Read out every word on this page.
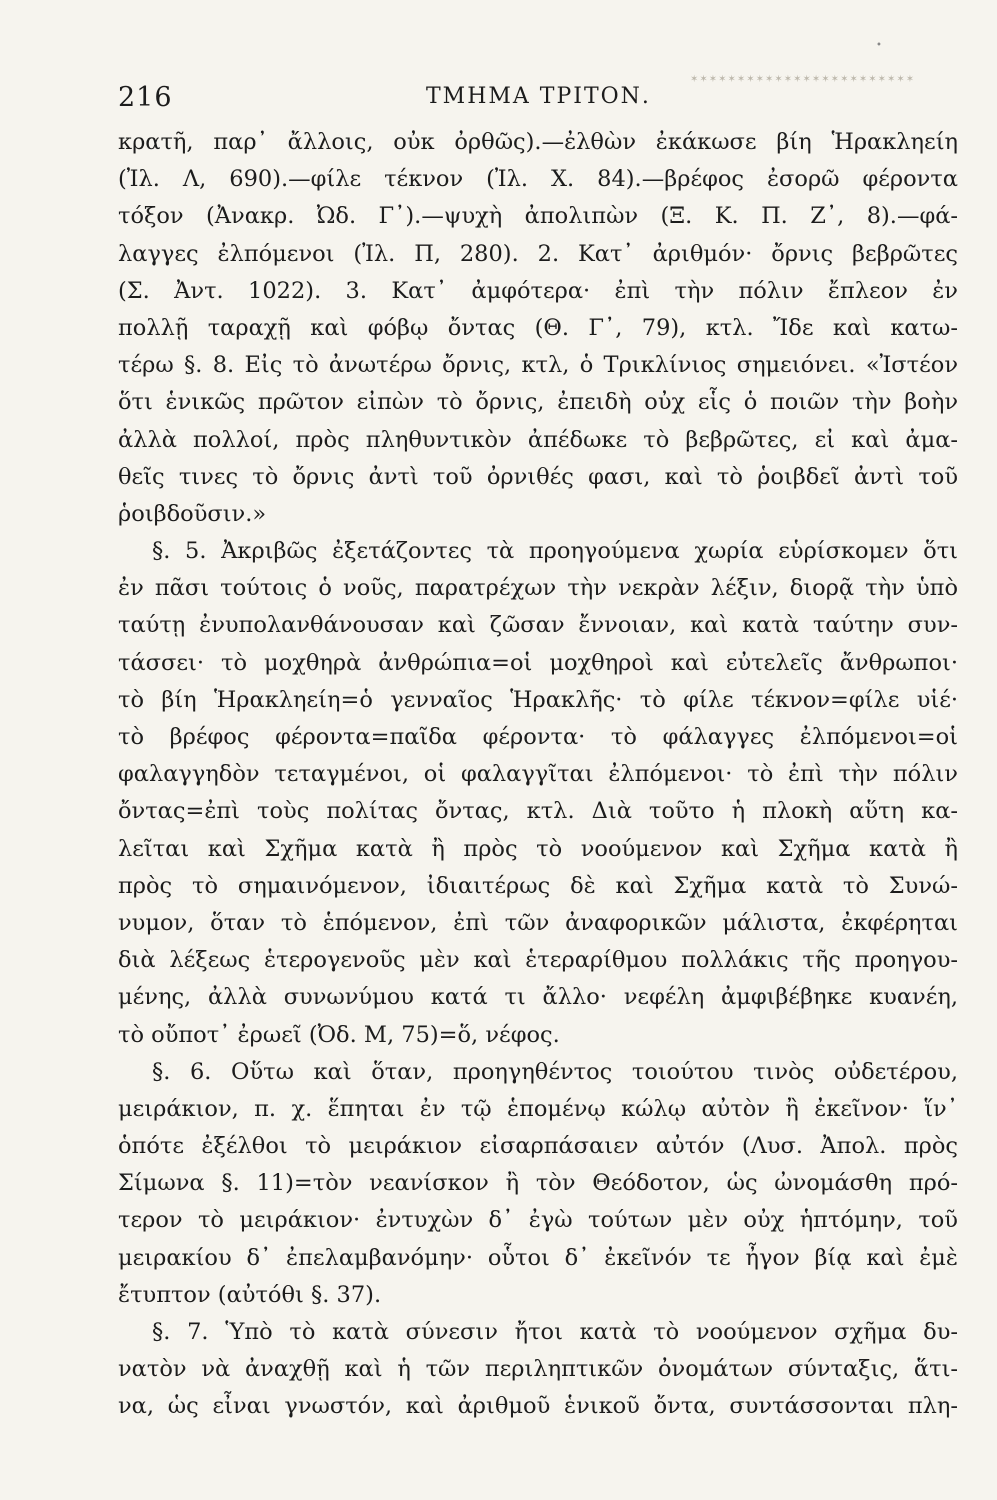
•
216	ΤΜΗΜΑ ΤΡΙΤΟΝ.
✶✶✶✶✶✶✶✶✶✶✶✶✶✶✶✶✶✶✶✶✶✶✶✶
κρατῆ, παρ᾽ ἄλλοις, οὐκ ὀρθῶς).—ἐλθὼν ἐκάκωσε βίη Ἡρακληείη
(Ἰλ. Λ, 690).—φίλε τέκνον (Ἰλ. Χ. 84).—βρέφος ἐσορῶ φέροντα
τόξον (Ἀνακρ. Ὠδ. Γ᾽).—ψυχὴ ἀπολιπὼν (Ξ. Κ. Π. Ζ᾽, 8).—φά-
λαγγες ἐλπόμενοι (Ἰλ. Π, 280). 2. Κατ᾽ ἀριθμόν· ὄρνις βεβρῶτες
(Σ. Ἀντ. 1022). 3. Κατ᾽ ἀμφότερα· ἐπὶ τὴν πόλιν ἔπλεον ἐν
πολλῇ ταραχῇ καὶ φόβῳ ὄντας (Θ. Γ᾽, 79), κτλ. Ἴδε καὶ κατω-
τέρω §. 8. Εἰς τὸ ἀνωτέρω ὄρνις, κτλ, ὁ Τρικλίνιος σημειόνει. «Ἰστέον
ὅτι ἑνικῶς πρῶτον εἰπὼν τὸ ὄρνις, ἐπειδὴ οὐχ εἷς ὁ ποιῶν τὴν βοὴν
ἀλλὰ πολλοί, πρὸς πληθυντικὸν ἀπέδωκε τὸ βεβρῶτες, εἰ καὶ ἀμα-
θεῖς τινες τὸ ὄρνις ἀντὶ τοῦ ὀρνιθές φασι, καὶ τὸ ῥοιβδεῖ ἀντὶ τοῦ
ῥοιβδοῦσιν.»
§. 5. Ἀκριβῶς ἐξετάζοντες τὰ προηγούμενα χωρία εὑρίσκομεν ὅτι
ἐν πᾶσι τούτοις ὁ νοῦς, παρατρέχων τὴν νεκρὰν λέξιν, διορᾷ τὴν ὑπὸ
ταύτῃ ἐνυπολανθάνουσαν καὶ ζῶσαν ἔννοιαν, καὶ κατὰ ταύτην συν-
τάσσει· τὸ μοχθηρὰ ἀνθρώπια=οἱ μοχθηροὶ καὶ εὐτελεῖς ἄνθρωποι·
τὸ βίη Ἡρακληείη=ὁ γενναῖος Ἡρακλῆς· τὸ φίλε τέκνον=φίλε υἱέ·
τὸ βρέφος φέροντα=παῖδα φέροντα· τὸ φάλαγγες ἐλπόμενοι=οἱ
φαλαγγηδὸν τεταγμένοι, οἱ φαλαγγῖται ἐλπόμενοι· τὸ ἐπὶ τὴν πόλιν
ὄντας=ἐπὶ τοὺς πολίτας ὄντας, κτλ. Διὰ τοῦτο ἡ πλοκὴ αὕτη κα-
λεῖται καὶ Σχῆμα κατὰ ἢ πρὸς τὸ νοούμενον καὶ Σχῆμα κατὰ ἢ
πρὸς τὸ σημαινόμενον, ἰδιαιτέρως δὲ καὶ Σχῆμα κατὰ τὸ Συνώ-
νυμον, ὅταν τὸ ἑπόμενον, ἐπὶ τῶν ἀναφορικῶν μάλιστα, ἐκφέρηται
διὰ λέξεως ἑτερογενοῦς μὲν καὶ ἑτεραρίθμου πολλάκις τῆς προηγου-
μένης, ἀλλὰ συνωνύμου κατά τι ἄλλο· νεφέλη ἀμφιβέβηκε κυανέη,
τὸ οὔποτ᾽ ἐρωεῖ (Ὀδ. Μ, 75)=ὅ, νέφος.
§. 6. Οὕτω καὶ ὅταν, προηγηθέντος τοιούτου τινὸς οὐδετέρου,
μειράκιον, π. χ. ἕπηται ἐν τῷ ἑπομένῳ κώλῳ αὐτὸν ἢ ἐκεῖνον· ἵν᾽
ὁπότε ἐξέλθοι τὸ μειράκιον εἰσαρπάσαιεν αὐτόν (Λυσ. Ἀπολ. πρὸς
Σίμωνα §. 11)=τὸν νεανίσκον ἢ τὸν Θεόδοτον, ὡς ὠνομάσθη πρό-
τερον τὸ μειράκιον· ἐντυχὼν δ᾽ ἐγὼ τούτων μὲν οὐχ ἡπτόμην, τοῦ
μειρακίου δ᾽ ἐπελαμβανόμην· οὗτοι δ᾽ ἐκεῖνόν τε ἦγον βίᾳ καὶ ἐμὲ
ἔτυπτον (αὐτόθι §. 37).
§. 7. Ὑπὸ τὸ κατὰ σύνεσιν ἤτοι κατὰ τὸ νοούμενον σχῆμα δυ-
νατὸν νὰ ἀναχθῇ καὶ ἡ τῶν περιληπτικῶν ὀνομάτων σύνταξις, ἅτι-
να, ὡς εἶναι γνωστόν, καὶ ἀριθμοῦ ἑνικοῦ ὄντα, συντάσσονται πλη-
